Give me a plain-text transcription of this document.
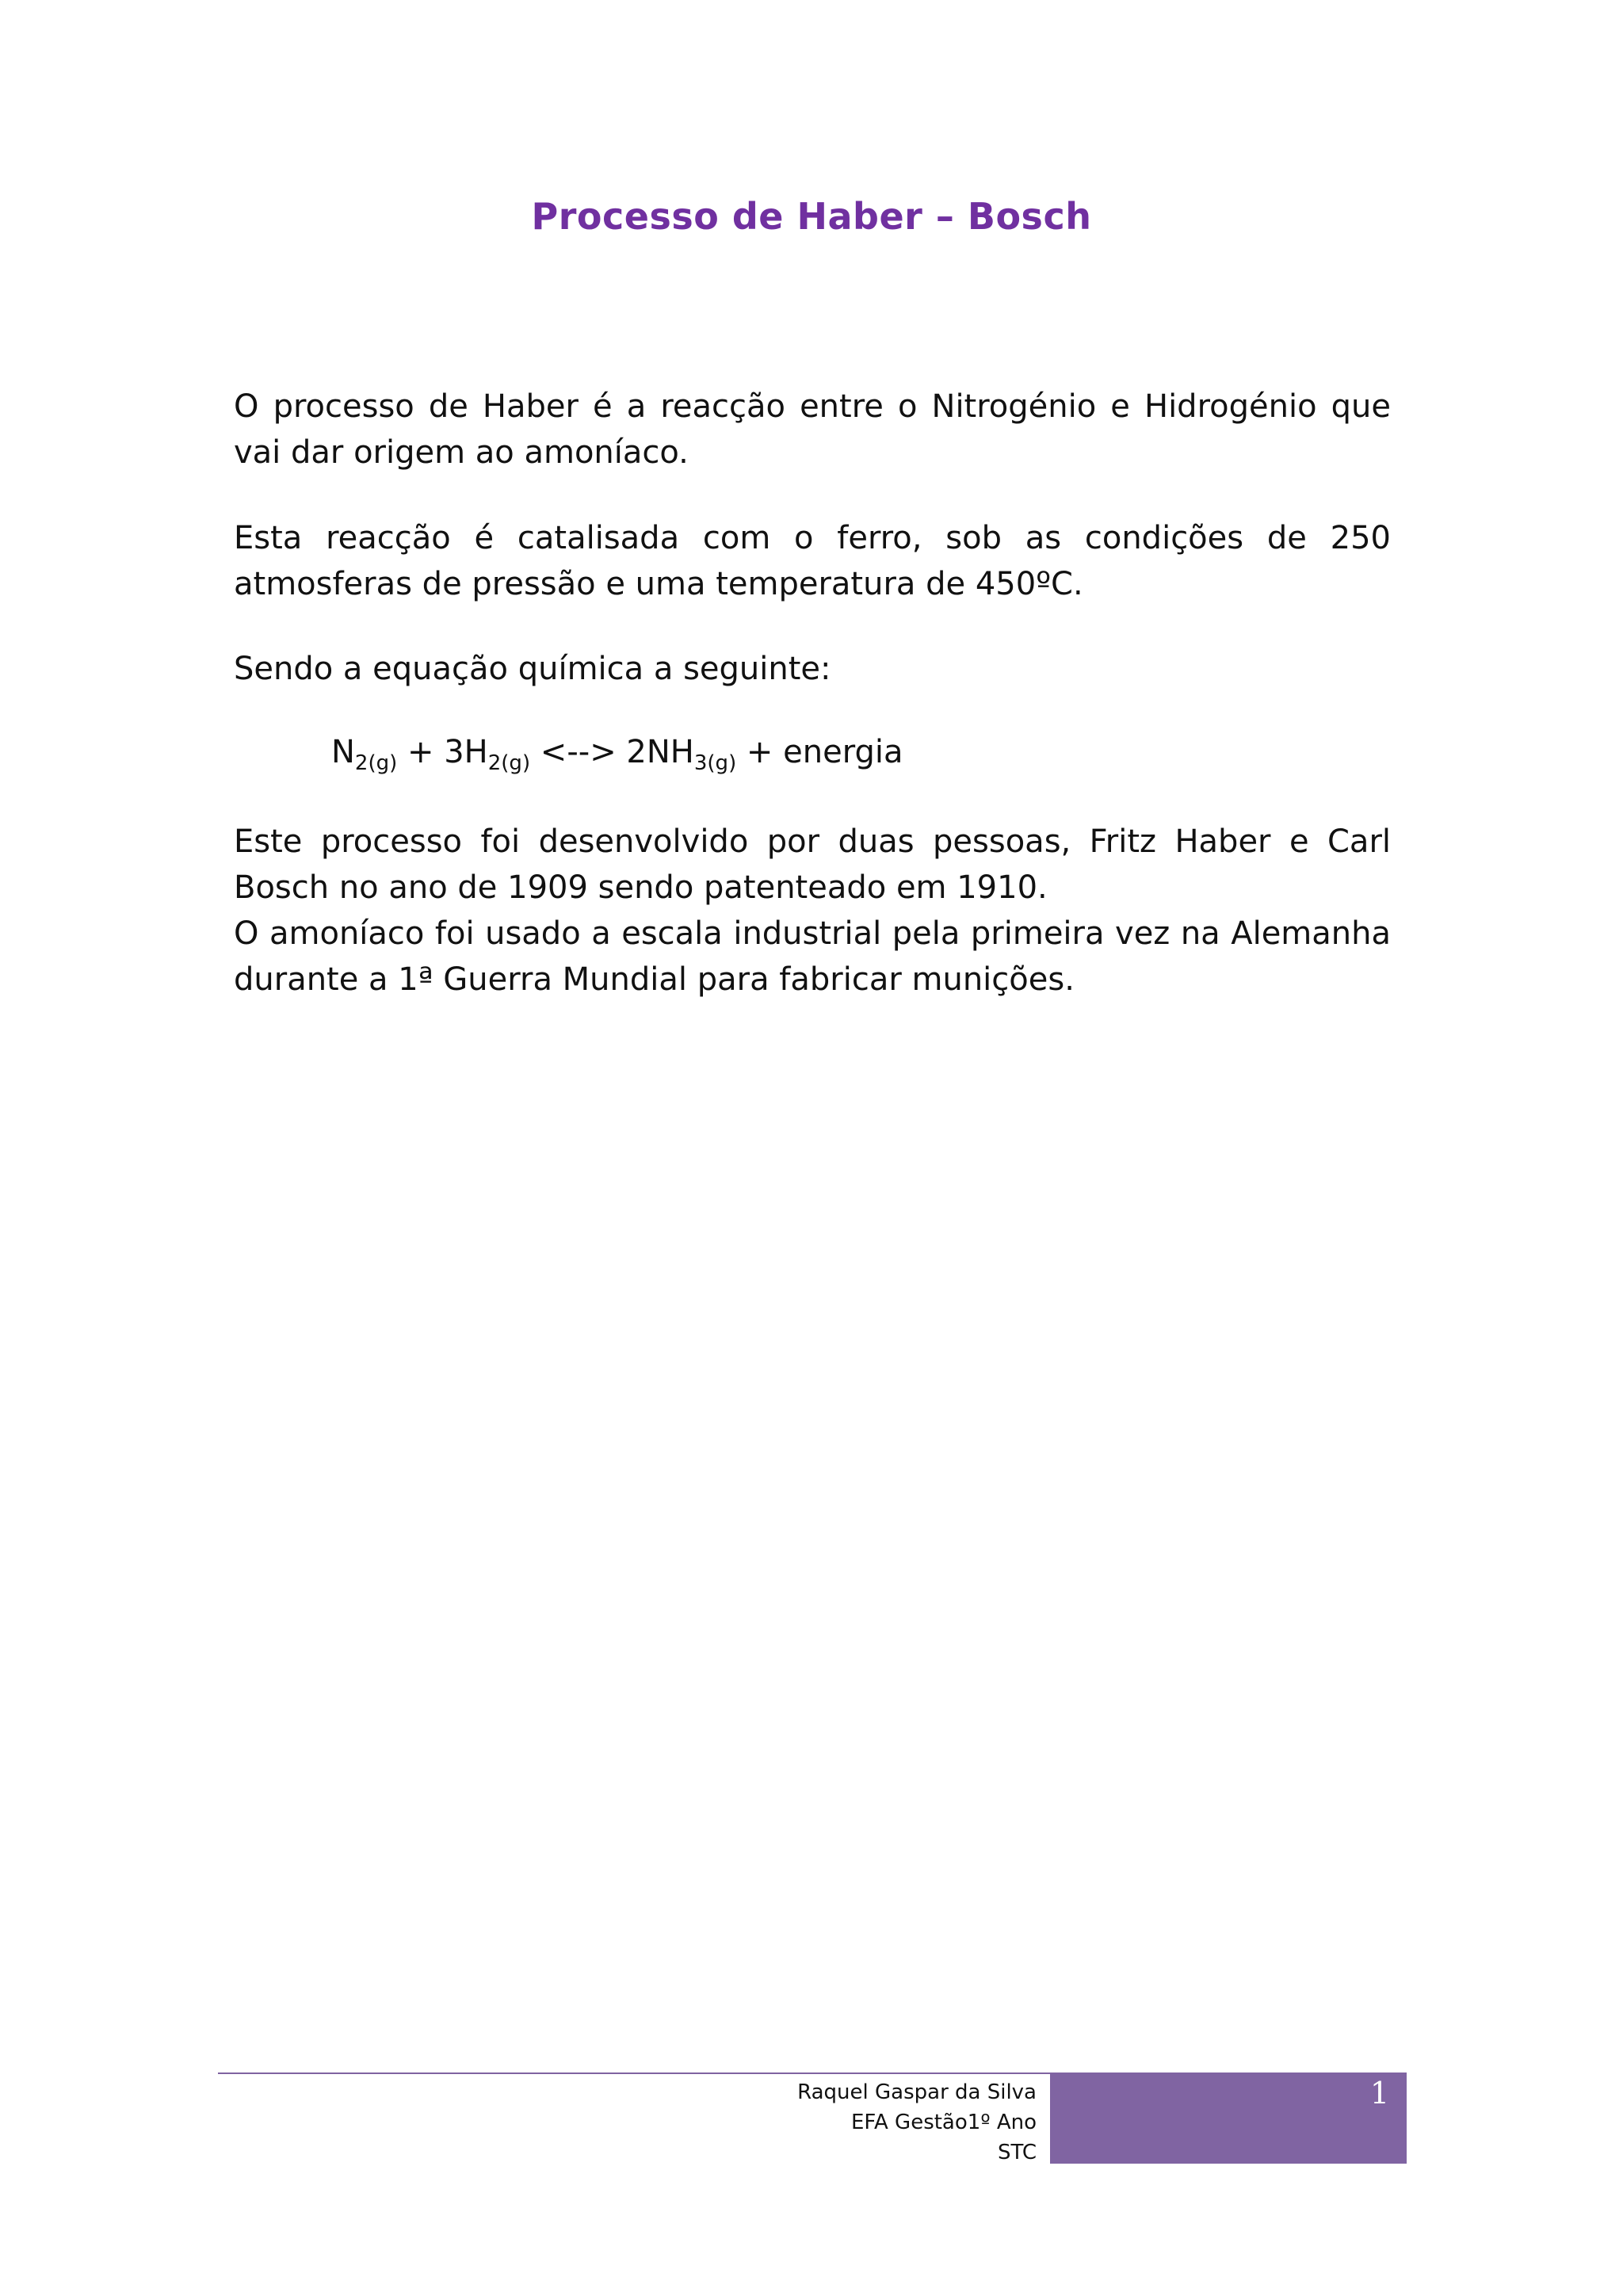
Processo de Haber – Bosch
O processo de Haber é a reacção entre o Nitrogénio e Hidrogénio que vai dar origem ao amoníaco.
Esta reacção é catalisada com o ferro, sob as condições de 250 atmosferas de pressão e uma temperatura de 450ºC.
Sendo a equação química a seguinte:
$N_{2(g)} + 3H_{2(g)}$ <--> $2NH_{3(g)}$ + energia
Este processo foi desenvolvido por duas pessoas, Fritz Haber e Carl Bosch no ano de 1909 sendo patenteado em 1910.
O amoníaco foi usado a escala industrial pela primeira vez na Alemanha durante a 1ª Guerra Mundial para fabricar munições.
Raquel Gaspar da Silva
EFA Gestão1º Ano
STC
1
